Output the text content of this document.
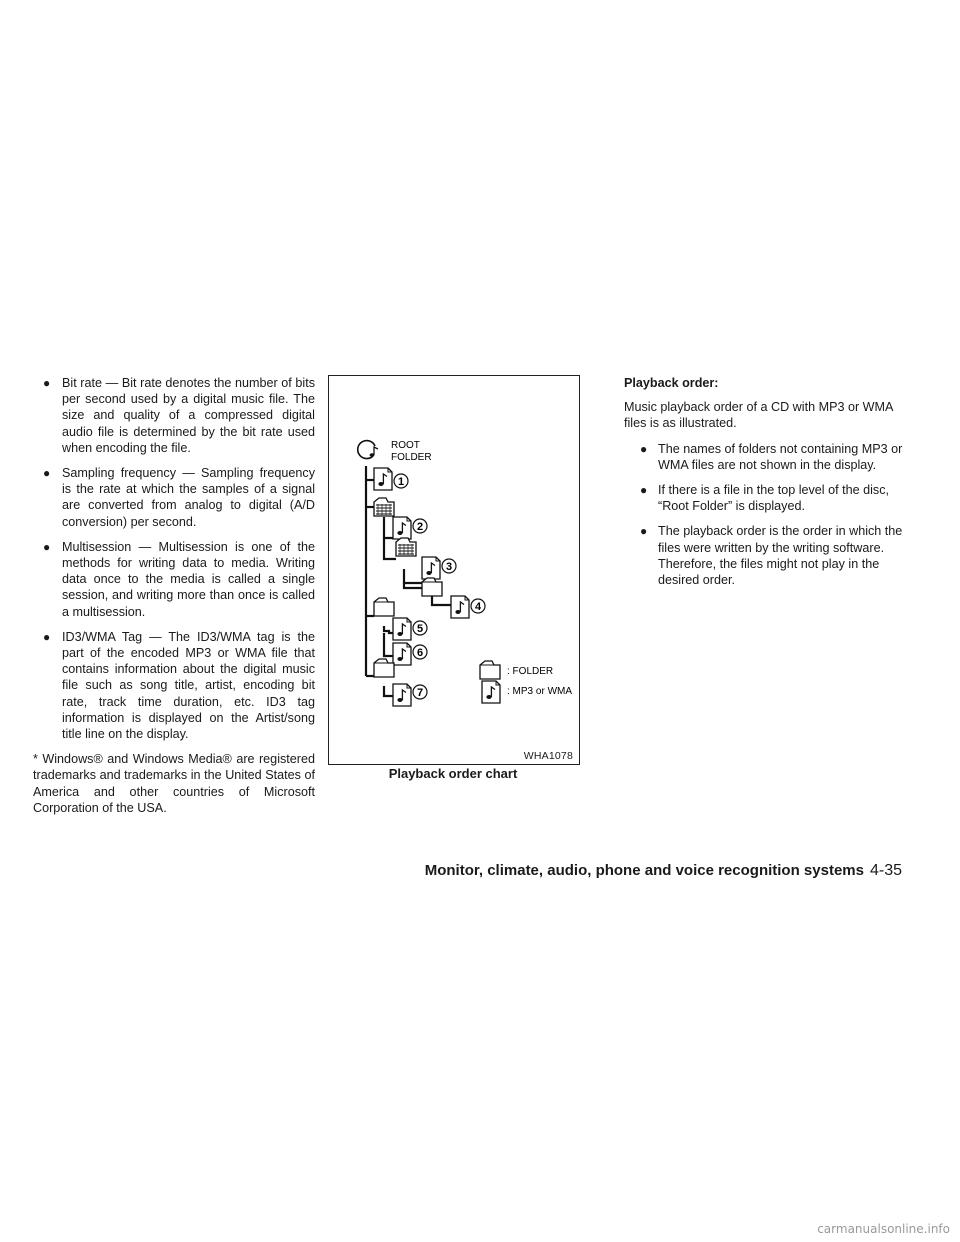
● Bit rate — Bit rate denotes the number of bits per second used by a digital music file. The size and quality of a compressed digital audio file is determined by the bit rate used when encoding the file.
● Sampling frequency — Sampling frequency is the rate at which the samples of a signal are converted from analog to digital (A/D conversion) per second.
● Multisession — Multisession is one of the methods for writing data to media. Writing data once to the media is called a single session, and writing more than once is called a multisession.
● ID3/WMA Tag — The ID3/WMA tag is the part of the encoded MP3 or WMA file that contains information about the digital music file such as song title, artist, encoding bit rate, track time duration, etc. ID3 tag information is displayed on the Artist/song title line on the display.

* Windows® and Windows Media® are registered trademarks and trademarks in the United States of America and other countries of Microsoft Corporation of the USA.

ROOT
FOLDER
1
2
3
4
5
6
7
: FOLDER
: MP3 or WMA
WHA1078
Playback order chart
Playback order:

Music playback order of a CD with MP3 or WMA files is as illustrated.

● The names of folders not containing MP3 or WMA files are not shown in the display.
● If there is a file in the top level of the disc, “Root Folder” is displayed.
● The playback order is the order in which the files were written by the writing software. Therefore, the files might not play in the desired order.
Monitor, climate, audio, phone and voice recognition systems 4-35
carmanualsonline.info
